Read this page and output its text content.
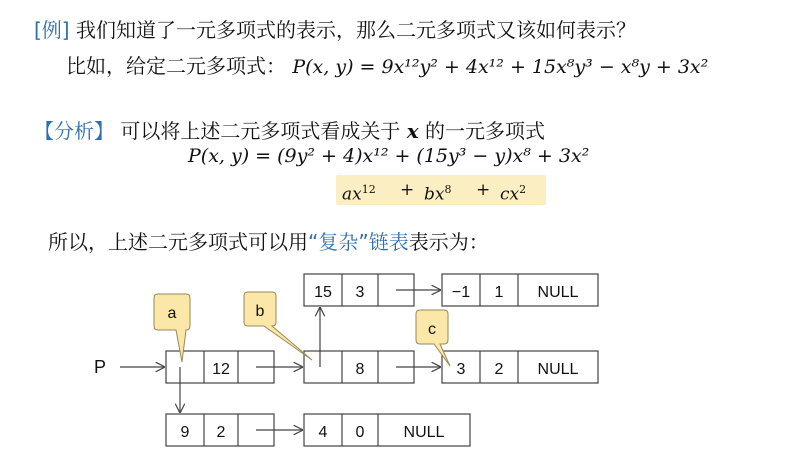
[例] 我们知道了一元多项式的表示，那么二元多项式又该如何表示？
比如，给定二元多项式： P(x, y) = 9x¹²y² + 4x¹² + 15x⁸y³ − x⁸y + 3x²
【分析】 可以将上述二元多项式看成关于 x 的一元多项式
P(x, y) = (9y² + 4)x¹² + (15y³ − y)x⁸ + 3x²
$ax^{12} + bx^8 + cx^2$
所以，上述二元多项式可以用“复杂”链表表示为：
P
a	b
c
12	8	3 2 NULL
15 3	−1 1 NULL
9 2	4 0 NULL
